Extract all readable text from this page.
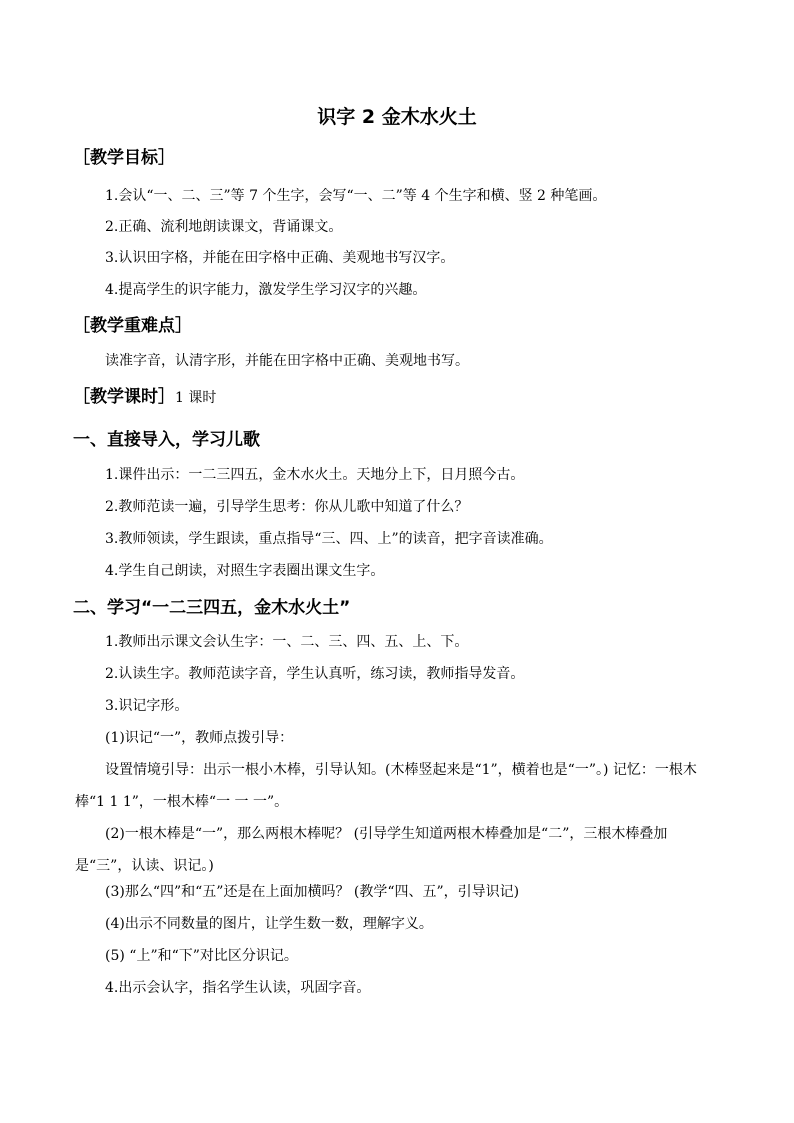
识字 2 金木水火土
［教学目标］
1.会认“一、二、三”等 7 个生字，会写“一、二”等 4 个生字和横、竖 2 种笔画。
2.正确、流利地朗读课文，背诵课文。
3.认识田字格，并能在田字格中正确、美观地书写汉字。
4.提高学生的识字能力，激发学生学习汉字的兴趣。
［教学重难点］
读准字音，认清字形，并能在田字格中正确、美观地书写。
［教学课时］1 课时
一、直接导入，学习儿歌
1.课件出示：一二三四五，金木水火土。天地分上下，日月照今古。
2.教师范读一遍，引导学生思考：你从儿歌中知道了什么？
3.教师领读，学生跟读，重点指导“三、四、上”的读音，把字音读准确。
4.学生自己朗读，对照生字表圈出课文生字。
二、学习“一二三四五，金木水火土”
1.教师出示课文会认生字：一、二、三、四、五、上、下。
2.认读生字。教师范读字音，学生认真听，练习读，教师指导发音。
3.识记字形。
(1)识记“一”，教师点拨引导：
设置情境引导：出示一根小木棒，引导认知。(木棒竖起来是“1”，横着也是“一”。) 记忆：一根木棒“1 1 1”，一根木棒“一 一 一”。
(2)一根木棒是“一”，那么两根木棒呢？ (引导学生知道两根木棒叠加是“二”，三根木棒叠加是“三”，认读、识记。)
(3)那么“四”和“五”还是在上面加横吗？ (教学“四、五”，引导识记)
(4)出示不同数量的图片，让学生数一数，理解字义。
(5) “上”和“下”对比区分识记。
4.出示会认字，指名学生认读，巩固字音。
